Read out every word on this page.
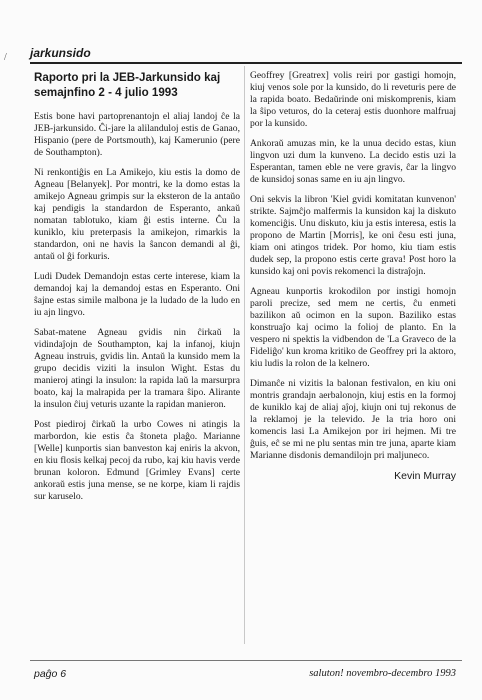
/ jarkunsido
Raporto pri la JEB-Jarkunsido kaj semajnfino 2 - 4 julio 1993

Estis bone havi partoprenantojn el aliaj landoj ĉe la JEB-jarkunsido. Ĉi-jare la alilanduloj estis de Ganao, Hispanio (pere de Portsmouth), kaj Kamerunio (pere de Southampton).

Ni renkontiĝis en La Amikejo, kiu estis la domo de Agneau [Belanyek]. Por montri, ke la domo estas la amikejo Agneau grimpis sur la eksteron de la antaŭo kaj pendigis la standardon de Esperanto, ankaŭ nomatan tablotuko, kiam ĝi estis interne. Ĉu la kuniklo, kiu preterpasis la amikejon, rimarkis la standardon, oni ne havis la ŝancon demandi al ĝi, antaŭ ol ĝi forkuris.

Ludi Dudek Demandojn estas certe interese, kiam la demandoj kaj la demandoj estas en Esperanto. Oni ŝajne estas simile malbona je la ludado de la ludo en iu ajn lingvo.

Sabat-matene Agneau gvidis nin ĉirkaŭ la vidindaĵojn de Southampton, kaj la infanoj, kiujn Agneau instruis, gvidis lin. Antaŭ la kunsido mem la grupo decidis viziti la insulon Wight. Estas du manieroj atingi la insulon: la rapida laŭ la marsurpra boato, kaj la malrapida per la tramara ŝipo. Alirante la insulon ĉiuj veturis uzante la rapidan manieron.

Post piediroj ĉirkaŭ la urbo Cowes ni atingis la marbordon, kie estis ĉa ŝtoneta plaĝo. Marianne [Welle] kunportis sian banveston kaj eniris la akvon, en kiu flosis kelkaj pecoj da rubo, kaj kiu havis verde brunan koloron. Edmund [Grimley Evans] certe ankoraŭ estis juna mense, se ne korpe, kiam li rajdis sur karuselo.

Geoffrey [Greatrex] volis reiri por gastigi homojn, kiuj venos sole por la kunsido, do li reveturis pere de la rapida boato. Bedaŭrinde oni miskomprenis, kiam la ŝipo veturos, do la ceteraj estis duonhore malfruaj por la kunsido.

Ankoraŭ amuzas min, ke la unua decido estas, kiun lingvon uzi dum la kunveno. La decido estis uzi la Esperantan, tamen eble ne vere gravis, ĉar la lingvo de kunsidoj sonas same en iu ajn lingvo.

Oni sekvis la libron 'Kiel gvidi komitatan kunvenon' strikte. Sajmĉjo malfermis la kunsidon kaj la diskuto komenciĝis. Unu diskuto, kiu ja estis interesa, estis la propono de Martin [Morris], ke oni ĉesu esti juna, kiam oni atingos tridek. Por homo, kiu tiam estis dudek sep, la propono estis certe grava! Post horo la kunsido kaj oni povis rekomenci la distraĵojn.

Agneau kunportis krokodilon por instigi homojn paroli precize, sed mem ne certis, ĉu enmeti bazilikon aŭ ocimon en la supon. Baziliko estas konstruaĵo kaj ocimo la folioj de planto. En la vespero ni spektis la vidbendon de 'La Graveco de la Fideliĝo' kun kroma kritiko de Geoffrey pri la aktoro, kiu ludis la rolon de la kelnero.

Dimanĉe ni vizitis la balonan festivalon, en kiu oni montris grandajn aerbalonojn, kiuj estis en la formoj de kuniklo kaj de aliaj aĵoj, kiujn oni tuj rekonus de la reklamoj je la televido. Je la tria horo oni komencis lasi La Amikejon por iri hejmen. Mi tre ĝuis, eĉ se mi ne plu sentas min tre juna, aparte kiam Marianne disdonis demandilojn pri maljuneco.

Kevin Murray
paĝo 6	saluton! novembro-decembro 1993
